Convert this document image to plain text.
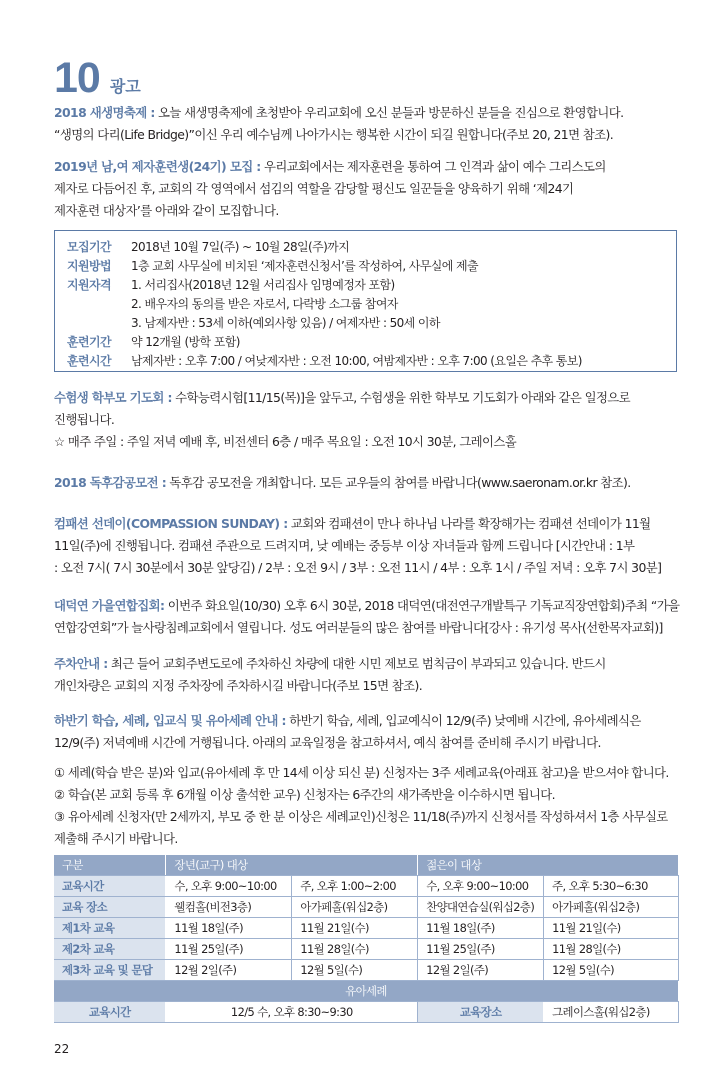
10 광고

2018 새생명축제 : 오늘 새생명축제에 초청받아 우리교회에 오신 분들과 방문하신 분들을 진심으로 환영합니다.

“생명의 다리(Life Bridge)”이신 우리 예수님께 나아가시는 행복한 시간이 되길 원합니다(주보 20, 21면 참조).

2019년 남,여 제자훈련생(24기) 모집 : 우리교회에서는 제자훈련을 통하여 그 인격과 삶이 예수 그리스도의

제자로 다듬어진 후, 교회의 각 영역에서 섬김의 역할을 감당할 평신도 일꾼들을 양육하기 위해 ‘제24기

제자훈련 대상자’를 아래와 같이 모집합니다.

모집기간	2018년 10월 7일(주) ~ 10월 28일(주)까지
지원방법	1층 교회 사무실에 비치된 ‘제자훈련신청서’를 작성하여, 사무실에 제출
지원자격	1. 서리집사(2018년 12월 서리집사 임명예정자 포함)
2. 배우자의 동의를 받은 자로서, 다락방 소그룹 참여자
3. 남제자반 : 53세 이하(예외사항 있음) / 여제자반 : 50세 이하
훈련기간	약 12개월 (방학 포함)
훈련시간	남제자반 : 오후 7:00 / 여낮제자반 : 오전 10:00, 여밤제자반 : 오후 7:00 (요일은 추후 통보)

수험생 학부모 기도회 : 수학능력시험[11/15(목)]을 앞두고, 수험생을 위한 학부모 기도회가 아래와 같은 일정으로

진행됩니다.

☆ 매주 주일 : 주일 저녁 예배 후, 비전센터 6층 / 매주 목요일 : 오전 10시 30분, 그레이스홀

2018 독후감공모전 : 독후감 공모전을 개최합니다. 모든 교우들의 참여를 바랍니다(www.saeronam.or.kr 참조).

컴패션 선데이(COMPASSION SUNDAY) : 교회와 컴패션이 만나 하나님 나라를 확장해가는 컴패션 선데이가 11월

11일(주)에 진행됩니다. 컴패션 주관으로 드려지며, 낮 예배는 중등부 이상 자녀들과 함께 드립니다 [시간안내 : 1부

: 오전 7시( 7시 30분에서 30분 앞당김) / 2부 : 오전 9시 / 3부 : 오전 11시 / 4부 : 오후 1시 / 주일 저녁 : 오후 7시 30분]

대덕연 가을연합집회: 이번주 화요일(10/30) 오후 6시 30분, 2018 대덕연(대전연구개발특구 기독교직장연합회)주최 “가을

연합강연회”가 늘사랑침례교회에서 열립니다. 성도 여러분들의 많은 참여를 바랍니다[강사 : 유기성 목사(선한목자교회)]

주차안내 : 최근 들어 교회주변도로에 주차하신 차량에 대한 시민 제보로 범칙금이 부과되고 있습니다. 반드시

개인차량은 교회의 지정 주차장에 주차하시길 바랍니다(주보 15면 참조).

하반기 학습, 세례, 입교식 및 유아세례 안내 : 하반기 학습, 세례, 입교예식이 12/9(주) 낮예배 시간에, 유아세례식은

12/9(주) 저녁예배 시간에 거행됩니다. 아래의 교육일정을 참고하셔서, 예식 참여를 준비해 주시기 바랍니다.

① 세례(학습 받은 분)와 입교(유아세례 후 만 14세 이상 되신 분) 신청자는 3주 세례교육(아래표 참고)을 받으셔야 합니다.

② 학습(본 교회 등록 후 6개월 이상 출석한 교우) 신청자는 6주간의 새가족반을 이수하시면 됩니다.

③ 유아세례 신청자(만 2세까지, 부모 중 한 분 이상은 세례교인)신청은 11/18(주)까지 신청서를 작성하셔서 1층 사무실로

제출해 주시기 바랍니다.

구분	장년(교구) 대상		젊은이 대상	
교육시간	수, 오후 9:00~10:00	주, 오후 1:00~2:00	수, 오후 9:00~10:00	주, 오후 5:30~6:30
교육 장소	웰컴홀(비전3층)	아가페홀(워십2층)	찬양대연습실(워십2층)	아가페홀(워십2층)
제1차 교육	11월 18일(주)	11월 21일(수)	11월 18일(주)	11월 21일(수)
제2차 교육	11월 25일(주)	11월 28일(수)	11월 25일(주)	11월 28일(수)
제3차 교육 및 문답	12월 2일(주)	12월 5일(수)	12월 2일(주)	12월 5일(수)
유아세례				
교육시간	12/5 수, 오후 8:30~9:30		교육장소	그레이스홀(워십2층)
22
